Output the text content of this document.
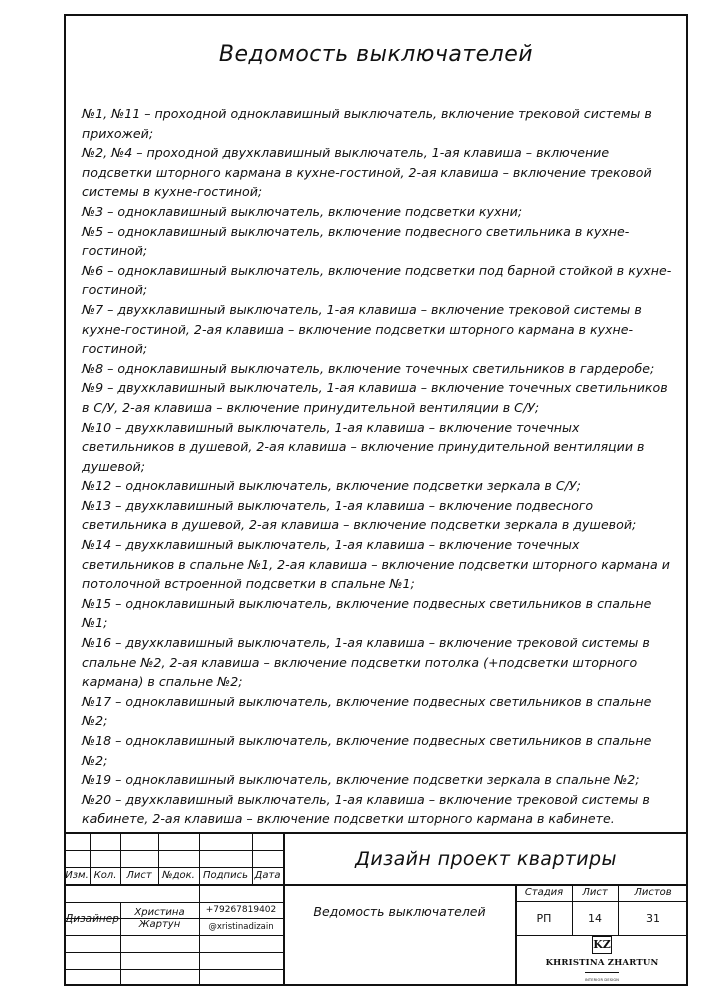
Ведомость выключателей

№1, №11 – проходной одноклавишный выключатель, включение трековой системы в прихожей;

№2, №4 – проходной двухклавишный выключатель, 1-ая клавиша – включение подсветки шторного кармана в кухне-гостиной, 2-ая клавиша – включение трековой системы в кухне-гостиной;

№3 – одноклавишный выключатель, включение подсветки кухни;

№5 – одноклавишный выключатель, включение подвесного светильника в кухне-гостиной;

№6 – одноклавишный выключатель, включение подсветки под барной стойкой в кухне-гостиной;

№7 – двухклавишный выключатель, 1-ая клавиша – включение трековой системы в кухне-гостиной, 2-ая клавиша – включение подсветки шторного кармана в кухне-гостиной;

№8 – одноклавишный выключатель, включение точечных светильников в гардеробе;

№9 – двухклавишный выключатель, 1-ая клавиша – включение точечных светильников в С/У, 2-ая клавиша – включение принудительной вентиляции в С/У;

№10 – двухклавишный выключатель, 1-ая клавиша – включение точечных светильников в душевой, 2-ая клавиша – включение принудительной вентиляции в душевой;

№12 – одноклавишный выключатель, включение подсветки зеркала в С/У;

№13 – двухклавишный выключатель, 1-ая клавиша – включение подвесного светильника в душевой, 2-ая клавиша – включение подсветки зеркала в душевой;

№14 – двухклавишный выключатель, 1-ая клавиша – включение точечных светильников в спальне №1, 2-ая клавиша – включение подсветки шторного кармана и потолочной встроенной подсветки в спальне №1;

№15 – одноклавишный выключатель, включение подвесных светильников в спальне №1;

№16 – двухклавишный выключатель, 1-ая клавиша – включение трековой системы в спальне №2, 2-ая клавиша – включение подсветки потолка (+подсветки шторного кармана) в спальне №2;

№17 – одноклавишный выключатель, включение подвесных светильников в спальне №2;

№18 – одноклавишный выключатель, включение подвесных светильников в спальне №2;

№19 – одноклавишный выключатель, включение подсветки зеркала в спальне №2;

№20 – двухклавишный выключатель, 1-ая клавиша – включение трековой системы в кабинете, 2-ая клавиша – включение подсветки шторного кармана в кабинете.

Изм. Кол. Лист	№док. Подпись Дата
Дизайнер
Христина
Жартун
+79267819402
@xristinadizain
Дизайн проект квартиры
Ведомость выключателей
Стадия	Лист	Листов
РП	14	31
KZ
KHRISTINA ZHARTUN
INTERIOR DESIGN
